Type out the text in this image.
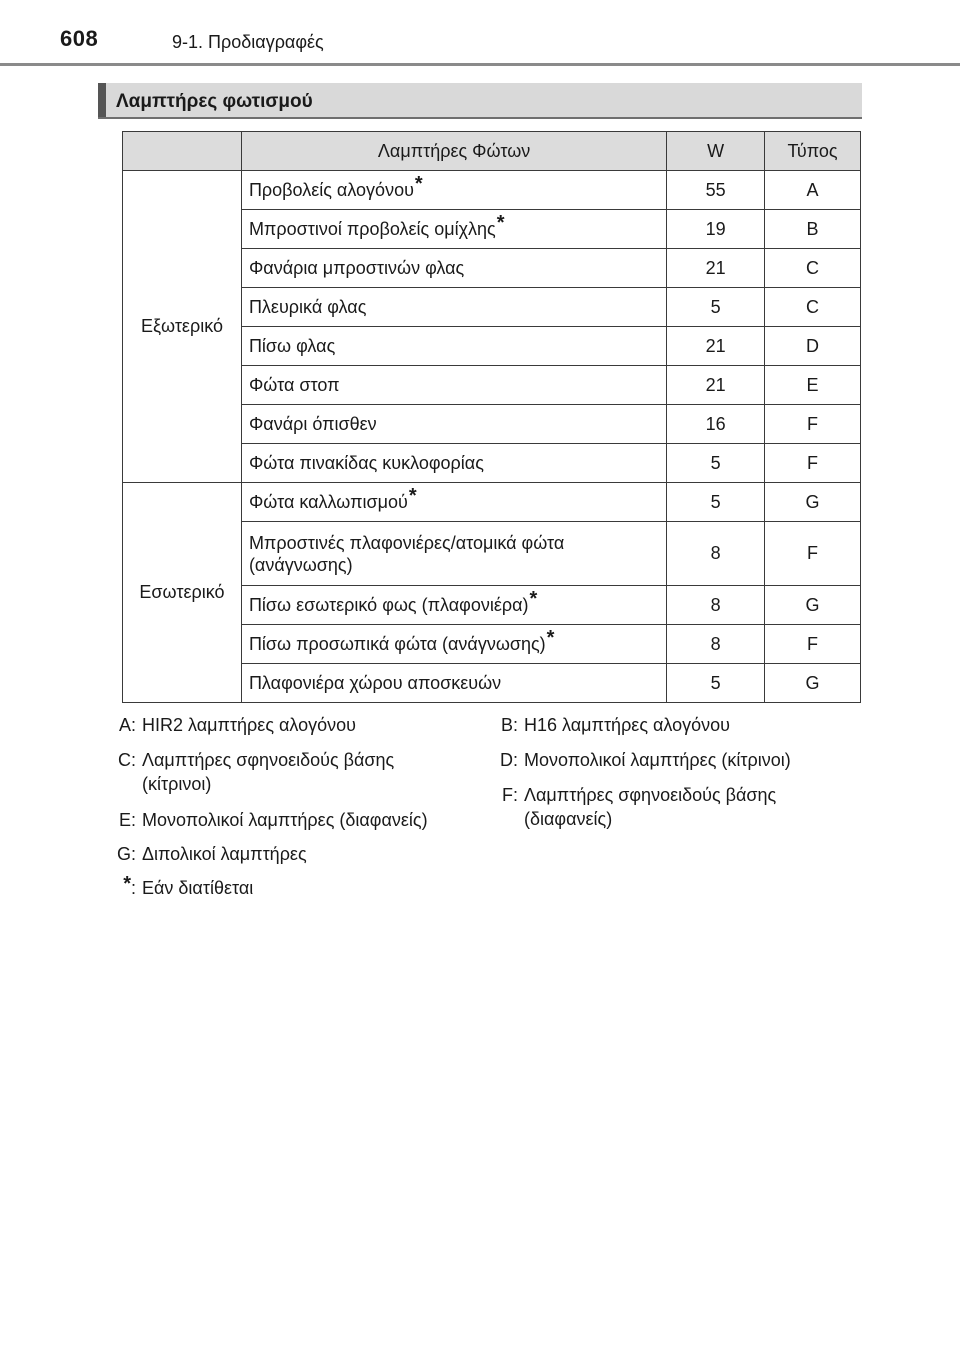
608	9-1. Προδιαγραφές
Λαμπτήρες φωτισμού
	Λαμπτήρες Φώτων	W	Τύπος
Εξωτερικό	Προβολείς αλογόνου*	55	A
	Μπροστινοί προβολείς ομίχλης*	19	B
	Φανάρια μπροστινών φλας	21	C
	Πλευρικά φλας	5	C
	Πίσω φλας	21	D
	Φώτα στοπ	21	E
	Φανάρι όπισθεν	16	F
	Φώτα πινακίδας κυκλοφορίας	5	F
Εσωτερικό	Φώτα καλλωπισμού*	5	G
	Μπροστινές πλαφονιέρες/ατομικά φώτα
(ανάγνωσης)	8	F
	Πίσω εσωτερικό φως (πλαφονιέρα)*	8	G
	Πίσω προσωπικά φώτα (ανάγνωσης)*	8	F
	Πλαφονιέρα χώρου αποσκευών	5	G
A: HIR2 λαμπτήρες αλογόνου
C: Λαμπτήρες σφηνοειδούς βάσης
(κίτρινοι)
E: Μονοπολικοί λαμπτήρες (διαφανείς)
G: Διπολικοί λαμπτήρες
*: Εάν διατίθεται
B: H16 λαμπτήρες αλογόνου
D: Μονοπολικοί λαμπτήρες (κίτρινοι)
F: Λαμπτήρες σφηνοειδούς βάσης
(διαφανείς)
